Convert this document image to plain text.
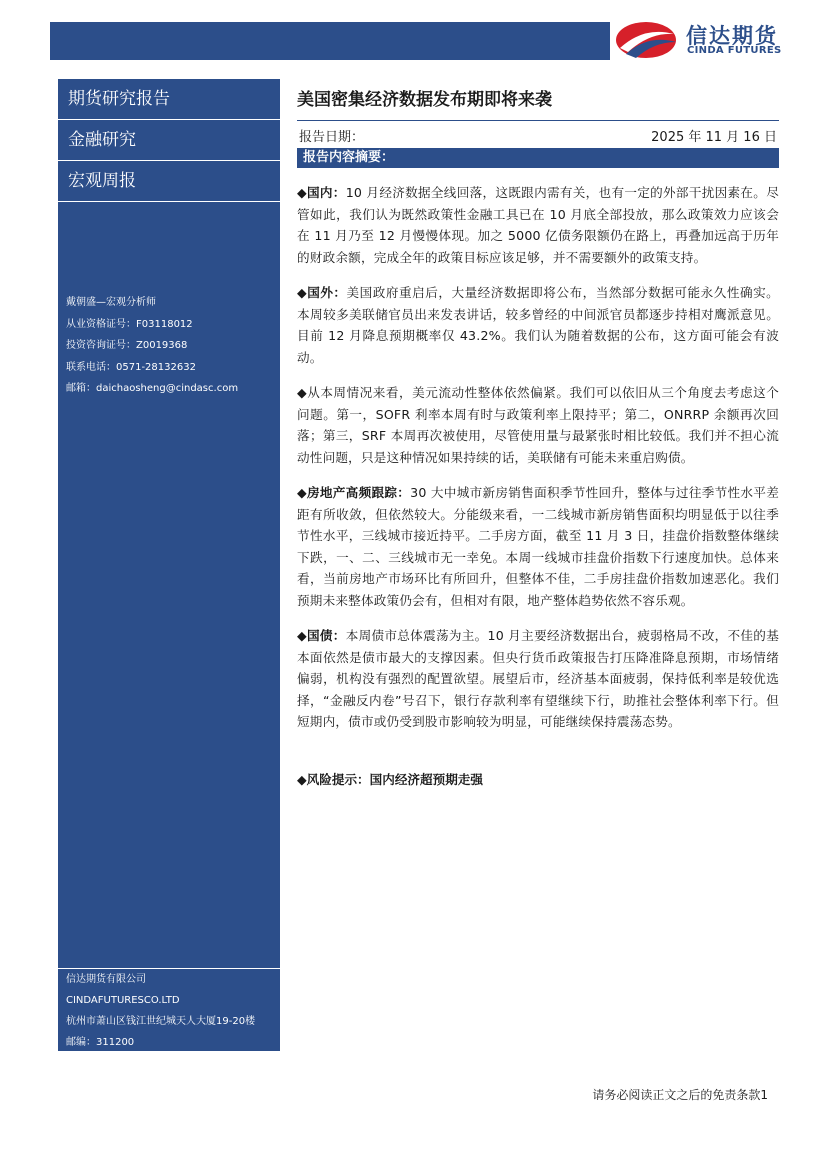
信达期货
CINDA FUTURES
期货研究报告
金融研究
宏观周报
戴朝盛—宏观分析师
从业资格证号：F03118012
投资咨询证号：Z0019368
联系电话：0571-28132632
邮箱：daichaosheng@cindasc.com
信达期货有限公司
CINDAFUTURESCO.LTD
杭州市萧山区钱江世纪城天人大厦19-20楼
邮编：311200
美国密集经济数据发布期即将来袭
报告日期：	2025 年 11 月 16 日
报告内容摘要：
◆国内：10 月经济数据全线回落，这既跟内需有关，也有一定的外部干扰因素在。尽管如此，我们认为既然政策性金融工具已在 10 月底全部投放，那么政策效力应该会在 11 月乃至 12 月慢慢体现。加之 5000 亿债务限额仍在路上，再叠加远高于历年的财政余额，完成全年的政策目标应该足够，并不需要额外的政策支持。
◆国外：美国政府重启后，大量经济数据即将公布，当然部分数据可能永久性确实。本周较多美联储官员出来发表讲话，较多曾经的中间派官员都逐步持相对鹰派意见。目前 12 月降息预期概率仅 43.2%。我们认为随着数据的公布，这方面可能会有波动。
◆从本周情况来看，美元流动性整体依然偏紧。我们可以依旧从三个角度去考虑这个问题。第一，SOFR 利率本周有时与政策利率上限持平；第二，ONRRP 余额再次回落；第三，SRF 本周再次被使用，尽管使用量与最紧张时相比较低。我们并不担心流动性问题，只是这种情况如果持续的话，美联储有可能未来重启购债。
◆房地产高频跟踪：30 大中城市新房销售面积季节性回升，整体与过往季节性水平差距有所收敛，但依然较大。分能级来看，一二线城市新房销售面积均明显低于以往季节性水平，三线城市接近持平。二手房方面，截至 11 月 3 日，挂盘价指数整体继续下跌，一、二、三线城市无一幸免。本周一线城市挂盘价指数下行速度加快。总体来看，当前房地产市场环比有所回升，但整体不佳，二手房挂盘价指数加速恶化。我们预期未来整体政策仍会有，但相对有限，地产整体趋势依然不容乐观。
◆国债：本周债市总体震荡为主。10 月主要经济数据出台，疲弱格局不改，不佳的基本面依然是债市最大的支撑因素。但央行货币政策报告打压降准降息预期，市场情绪偏弱，机构没有强烈的配置欲望。展望后市，经济基本面疲弱，保持低利率是较优选择，“金融反内卷”号召下，银行存款利率有望继续下行，助推社会整体利率下行。但短期内，债市或仍受到股市影响较为明显，可能继续保持震荡态势。
◆风险提示：国内经济超预期走强
请务必阅读正文之后的免责条款1
